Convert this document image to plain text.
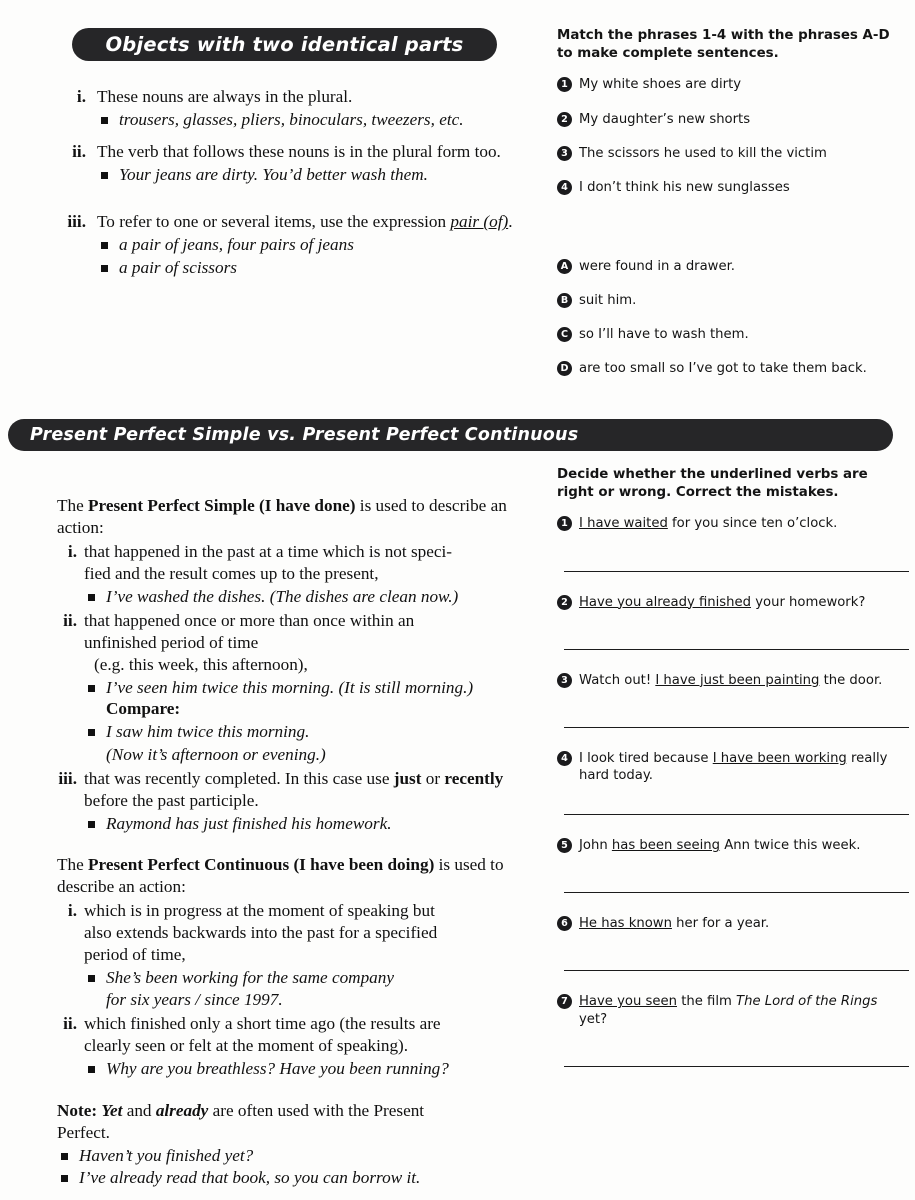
Objects with two identical parts
i. These nouns are always in the plural.
trousers, glasses, pliers, binoculars, tweezers, etc.
ii. The verb that follows these nouns is in the plural form too.
Your jeans are dirty. You’d better wash them.
iii. To refer to one or several items, use the expression pair (of).
a pair of jeans, four pairs of jeans
a pair of scissors

Match the phrases 1-4 with the phrases A-D to make complete sentences.

1 My white shoes are dirty
2 My daughter’s new shorts
3 The scissors he used to kill the victim
4 I don’t think his new sunglasses
A were found in a drawer.
B suit him.
C so I’ll have to wash them.
D are too small so I’ve got to take them back.
Present Perfect Simple vs. Present Perfect Continuous

The Present Perfect Simple (I have done) is used to describe an action:

i. that happened in the past at a time which is not speci-
fied and the result comes up to the present,
I’ve washed the dishes. (The dishes are clean now.)
ii. that happened once or more than once within an
unfinished period of time
(e.g. this week, this afternoon),
I’ve seen him twice this morning. (It is still morning.)
Compare:
I saw him twice this morning.
(Now it’s afternoon or evening.)
iii. that was recently completed. In this case use just or recently before the past participle.
Raymond has just finished his homework.

The Present Perfect Continuous (I have been doing) is used to describe an action:

i. which is in progress at the moment of speaking but
also extends backwards into the past for a specified
period of time,
She’s been working for the same company
for six years / since 1997.
ii. which finished only a short time ago (the results are
clearly seen or felt at the moment of speaking).
Why are you breathless? Have you been running?
Note: Yet and already are often used with the Present
Perfect.
Haven’t you finished yet?
I’ve already read that book, so you can borrow it.

Decide whether the underlined verbs are right or wrong. Correct the mistakes.

1 I have waited for you since ten o’clock.
2 Have you already finished your homework?
3 Watch out! I have just been painting the door.
4 I look tired because I have been working really hard today.
5 John has been seeing Ann twice this week.
6 He has known her for a year.
7 Have you seen the film The Lord of the Rings yet?
